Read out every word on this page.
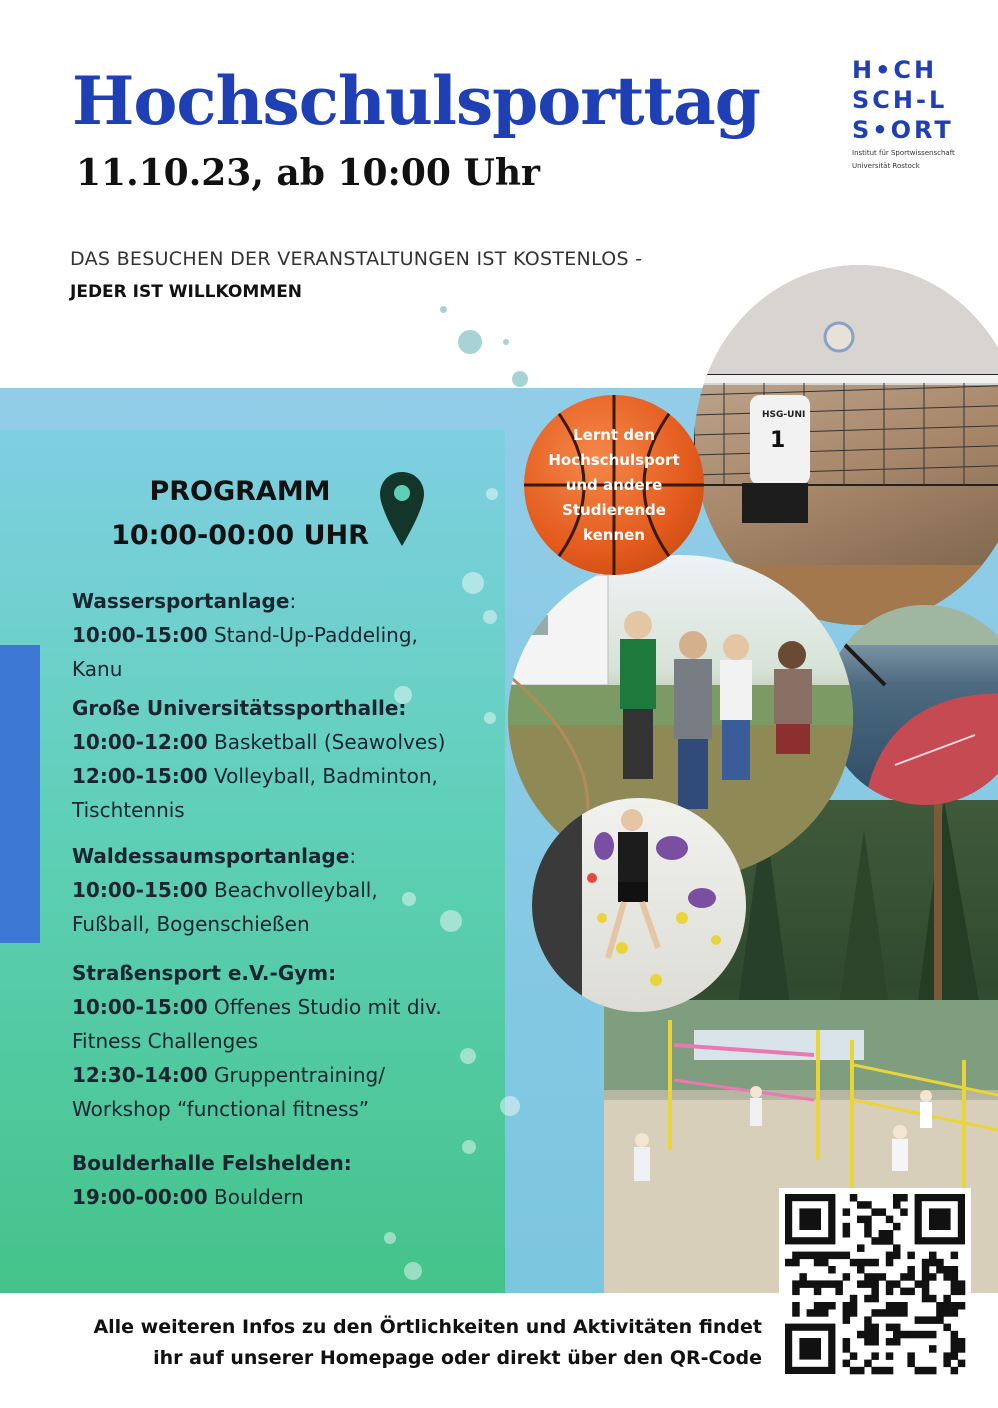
Hochschulsporttag
11.10.23, ab 10:00 Uhr
H•CH
SCH-L
S•ORT
Institut für Sportwissenschaft
Universität Rostock
DAS BESUCHEN DER VERANSTALTUNGEN IST KOSTENLOS -
JEDER IST WILLKOMMEN
PROGRAMM
10:00-00:00 UHR
Wassersportanlage:
10:00-15:00 Stand-Up-Paddeling,
Kanu
Große Universitätssporthalle:
10:00-12:00 Basketball (Seawolves)
12:00-15:00 Volleyball, Badminton,
Tischtennis
Waldessaumsportanlage:
10:00-15:00 Beachvolleyball,
Fußball, Bogenschießen
Straßensport e.V.-Gym:
10:00-15:00 Offenes Studio mit div.
Fitness Challenges
12:30-14:00 Gruppentraining/
Workshop “functional fitness”
Boulderhalle Felshelden:
19:00-00:00 Bouldern
HSG-UNI
1
Lernt den Hochschulsport und andere Studierende kennen
Alle weiteren Infos zu den Örtlichkeiten und Aktivitäten findet
ihr auf unserer Homepage oder direkt über den QR-Code
